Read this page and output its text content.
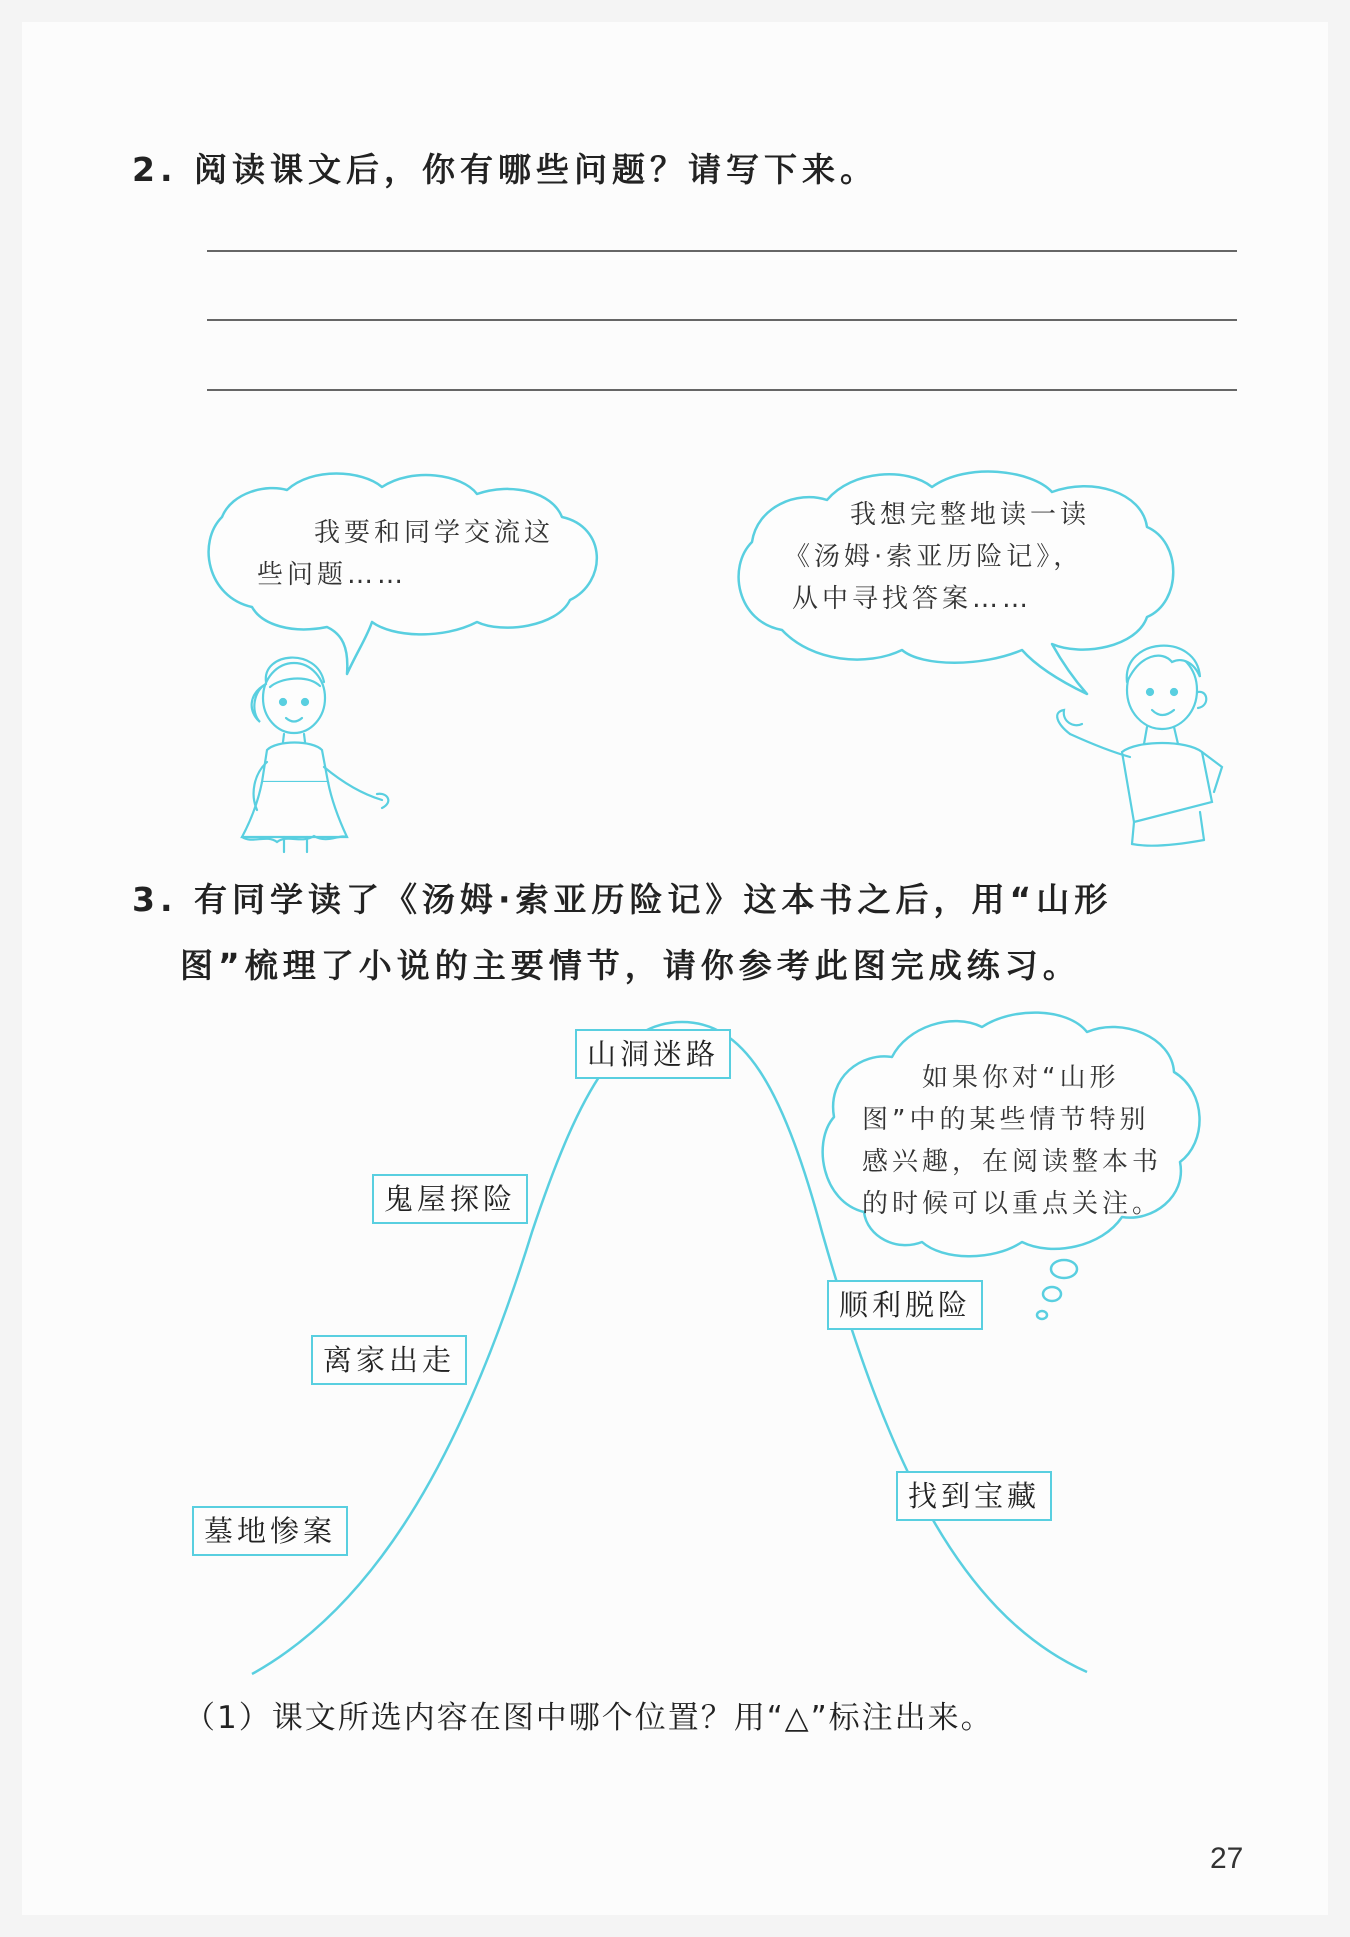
2. 阅读课文后，你有哪些问题？请写下来。
我要和同学交流这
些问题……
我想完整地读一读
《汤姆·索亚历险记》，
从中寻找答案……
3. 有同学读了《汤姆·索亚历险记》这本书之后，用“山形
图”梳理了小说的主要情节，请你参考此图完成练习。
如果你对“山形
图”中的某些情节特别
感兴趣，在阅读整本书
的时候可以重点关注。
山洞迷路
鬼屋探险
离家出走
墓地惨案
顺利脱险
找到宝藏
（1）课文所选内容在图中哪个位置？用“△”标注出来。
27
